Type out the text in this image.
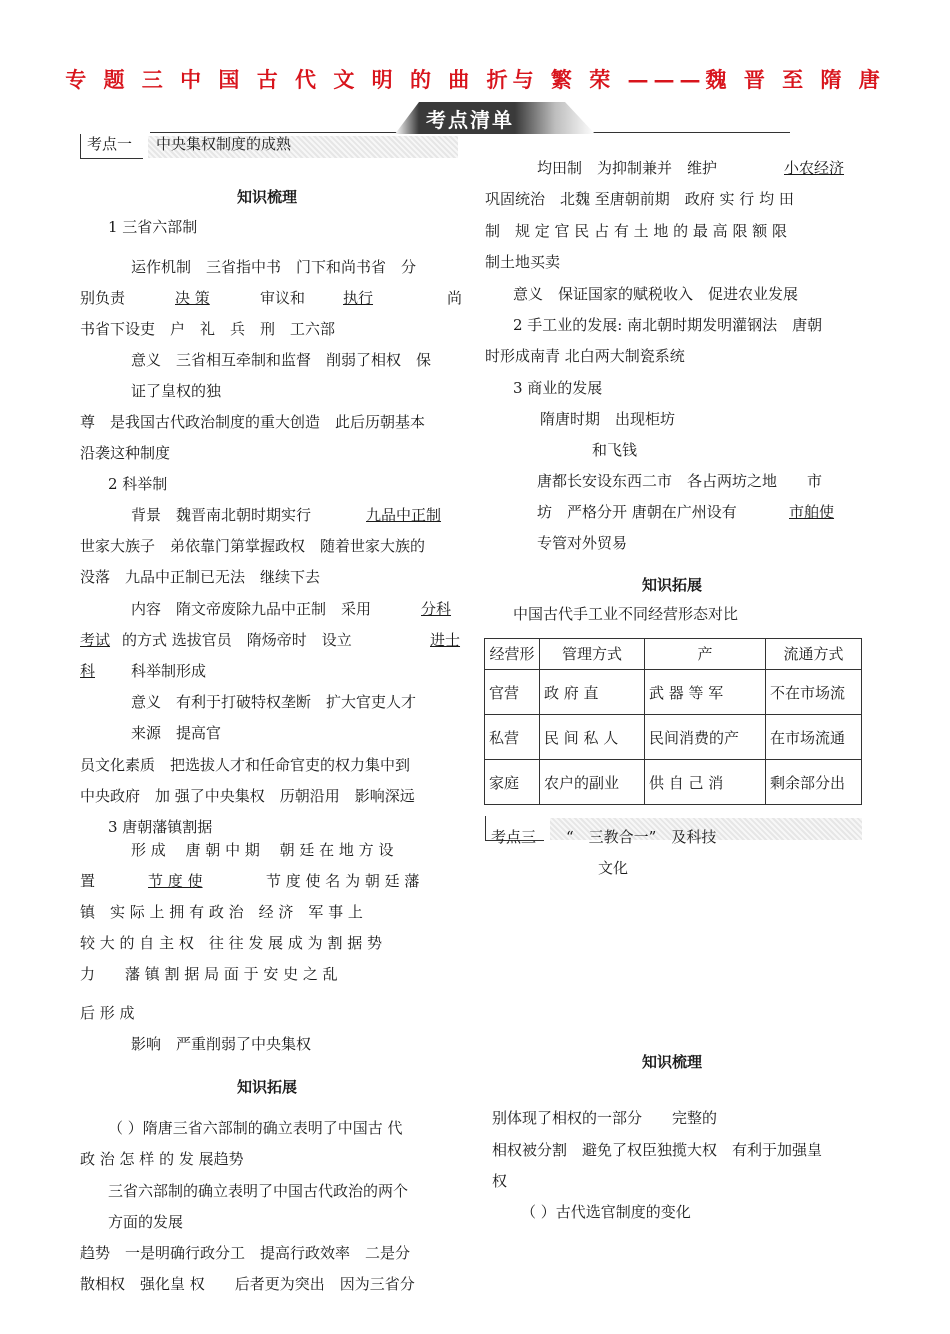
专 题 三 中 国 古 代 文 明 的 曲 折与 繁 荣 ———魏 晋 至 隋 唐
考点清单
考点一 中央集权制度的成熟
知识梳理
1 三省六部制
运作机制　三省指中书　门下和尚书省　分
别负责	决 策	审议和	执行	尚
书省下设吏　户　礼　兵　刑　工六部
意义　三省相互牵制和监督　削弱了相权　保
证了皇权的独
尊　是我国古代政治制度的重大创造　此后历朝基本
沿袭这种制度
2 科举制
背景　魏晋南北朝时期实行	九品中正制
世家大族子　弟依靠门第掌握政权　随着世家大族的
没落　九品中正制已无法　继续下去
内容　隋文帝废除九品中正制　采用	分科
考试 的方式 选拔官员　隋炀帝时　设立	进士
科 科举制形成
意义　有利于打破特权垄断　扩大官吏人才
来源　提高官
员文化素质　把选拔人才和任命官吏的权力集中到
中央政府　加 强了中央集权　历朝沿用　影响深远
3 唐朝藩镇割据
形 成　 唐 朝 中 期　 朝 廷 在 地 方 设
置	节 度 使	节 度 使 名 为 朝 廷 藩
镇　实 际 上 拥 有 政 治　经 济　军 事 上
较 大 的 自 主 权　往 往 发 展 成 为 割 据 势
力　　藩 镇 割 据 局 面 于 安 史 之 乱
后 形 成
影响　严重削弱了中央集权
知识拓展
（ ）隋唐三省六部制的确立表明了中国古 代
政 治 怎 样 的 发 展趋势
三省六部制的确立表明了中国古代政治的两个
方面的发展
趋势　一是明确行政分工　提高行政效率　二是分
散相权　强化皇 权　　后者更为突出　因为三省分
均田制　为抑制兼并　维护	小农经济
巩固统治　北魏 至唐朝前期　政府 实 行 均 田
制　规 定 官 民 占 有 土 地 的 最 高 限 额 限
制土地买卖
意义　保证国家的赋税收入　促进农业发展
2 手工业的发展: 南北朝时期发明灌钢法　唐朝
时形成南青 北白两大制瓷系统
3 商业的发展
隋唐时期　出现柜坊
和飞钱
唐都长安设东西二市　各占两坊之地　　市
坊　严格分开 唐朝在广州设有	市舶使
专管对外贸易
知识拓展
中国古代手工业不同经营形态对比
经营形	管理方式	产	流通方式
官营	政 府 直	武 器 等 军	不在市场流
私营	民 间 私 人	民间消费的产	在市场流通
家庭	农户的副业	供 自 己 消	剩余部分出
考点三 “　三教合一”　及科技
文化
知识梳理
别体现了相权的一部分　　完整的
相权被分割　避免了权臣独揽大权　有利于加强皇
权
（ ）古代选官制度的变化
